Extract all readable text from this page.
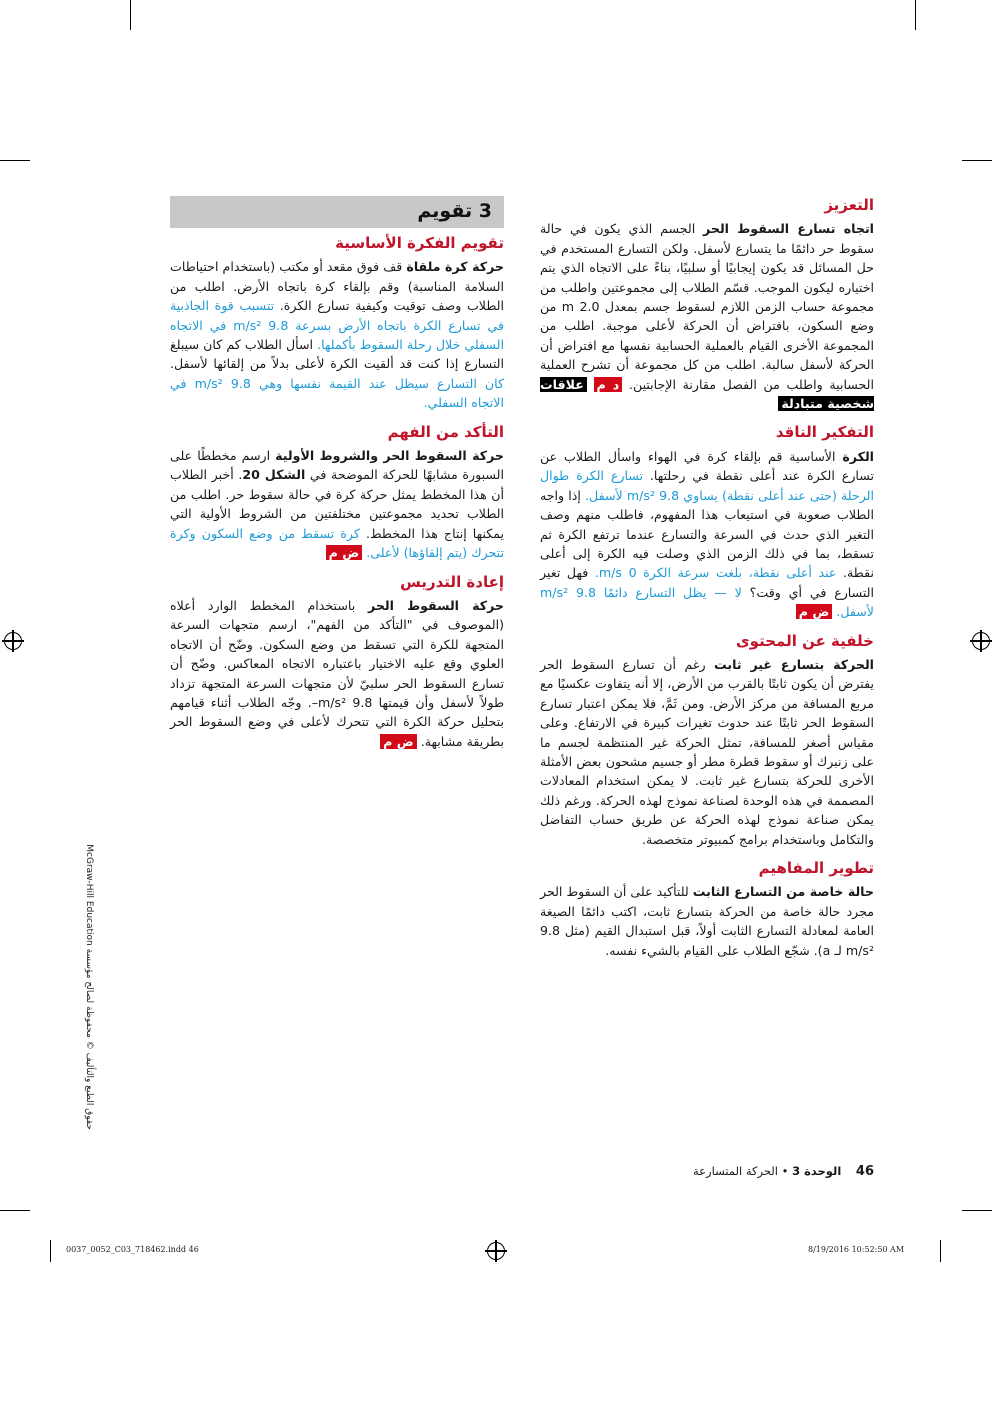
التعزيز

اتجاه تسارع السقوط الحر الجسم الذي يكون في حالة سقوط حر دائمًا ما يتسارع لأسفل. ولكن التسارع المستخدم في حل المسائل قد يكون إيجابيًا أو سلبيًا، بناءً على الاتجاه الذي يتم اختياره ليكون الموجب. قسّم الطلاب إلى مجموعتين واطلب من مجموعة حساب الزمن اللازم لسقوط جسم بمعدل 2.0 m من وضع السكون، بافتراض أن الحركة لأعلى موجبة. اطلب من المجموعة الأخرى القيام بالعملية الحسابية نفسها مع افتراض أن الحركة لأسفل سالبة. اطلب من كل مجموعة أن تشرح العملية الحسابية واطلب من الفصل مقارنة الإجابتين. د م علاقات شخصية متبادلة

التفكير الناقد

الكرة الأساسية قم بإلقاء كرة في الهواء واسأل الطلاب عن تسارع الكرة عند أعلى نقطة في رحلتها. تسارع الكرة طوال الرحلة (حتى عند أعلى نقطة) يساوي 9.8 m/s² لأسفل. إذا واجه الطلاب صعوبة في استيعاب هذا المفهوم، فاطلب منهم وصف التغير الذي حدث في السرعة والتسارع عندما ترتفع الكرة ثم تسقط، بما في ذلك الزمن الذي وصلت فيه الكرة إلى أعلى نقطة. عند أعلى نقطة، بلغت سرعة الكرة 0 m/s. فهل تغير التسارع في أي وقت؟ لا — يظل التسارع دائمًا 9.8 m/s² لأسفل. ض م

خلفية عن المحتوى

الحركة بتسارع غير ثابت رغم أن تسارع السقوط الحر يفترض أن يكون ثابتًا بالقرب من الأرض، إلا أنه يتفاوت عكسيًا مع مربع المسافة من مركز الأرض. ومن ثَمَّ، فلا يمكن اعتبار تسارع السقوط الحر ثابتًا عند حدوث تغيرات كبيرة في الارتفاع. وعلى مقياس أصغر للمسافة، تمثل الحركة غير المنتظمة لجسم ما على زنبرك أو سقوط قطرة مطر أو جسيم مشحون بعض الأمثلة الأخرى للحركة بتسارع غير ثابت. لا يمكن استخدام المعادلات المصممة في هذه الوحدة لصناعة نموذج لهذه الحركة. ورغم ذلك يمكن صناعة نموذج لهذه الحركة عن طريق حساب التفاضل والتكامل وباستخدام برامج كمبيوتر متخصصة.

تطوير المفاهيم

حالة خاصة من التسارع الثابت للتأكيد على أن السقوط الحر مجرد حالة خاصة من الحركة بتسارع ثابت، اكتب دائمًا الصيغة العامة لمعادلة التسارع الثابت أولاً، قبل استبدال القيم (مثل 9.8 m/s² لـ a). شجّع الطلاب على القيام بالشيء نفسه.

3 تقويم
تقويم الفكرة الأساسية

حركة كرة ملقاة قف فوق مقعد أو مكتب (باستخدام احتياطات السلامة المناسبة) وقم بإلقاء كرة باتجاه الأرض. اطلب من الطلاب وصف توقيت وكيفية تسارع الكرة. تتسبب قوة الجاذبية في تسارع الكرة باتجاه الأرض بسرعة 9.8 m/s² في الاتجاه السفلي خلال رحلة السقوط بأكملها. اسأل الطلاب كم كان سيبلغ التسارع إذا كنت قد ألقيت الكرة لأعلى بدلاً من إلقائها لأسفل. كان التسارع سيظل عند القيمة نفسها وهي 9.8 m/s² في الاتجاه السفلي.

التأكد من الفهم

حركة السقوط الحر والشروط الأولية ارسم مخططًا على السبورة مشابهًا للحركة الموضحة في الشكل 20. أخبر الطلاب أن هذا المخطط يمثل حركة كرة في حالة سقوط حر. اطلب من الطلاب تحديد مجموعتين مختلفتين من الشروط الأولية التي يمكنها إنتاج هذا المخطط. كرة تسقط من وضع السكون وكرة تتحرك (يتم إلقاؤها) لأعلى. ض م

إعادة التدريس

حركة السقوط الحر باستخدام المخطط الوارد أعلاه (الموصوف في "التأكد من الفهم"، ارسم متجهات السرعة المتجهة للكرة التي تسقط من وضع السكون. وضّح أن الاتجاه العلوي وقع عليه الاختيار باعتباره الاتجاه المعاكس. وضّح أن تسارع السقوط الحر سلبيّ لأن متجهات السرعة المتجهة تزداد طولاً لأسفل وأن قيمتها 9.8 m/s²–. وجّه الطلاب أثناء قيامهم بتحليل حركة الكرة التي تتحرك لأعلى في وضع السقوط الحر بطريقة مشابهة. ض م

حقوق الطبع والتأليف © محفوظة لصالح مؤسسة McGraw-Hill Education
46    الوحدة 3 • الحركة المتسارعة
0037_0052_C03_718462.indd 46	8/19/2016 10:52:50 AM
